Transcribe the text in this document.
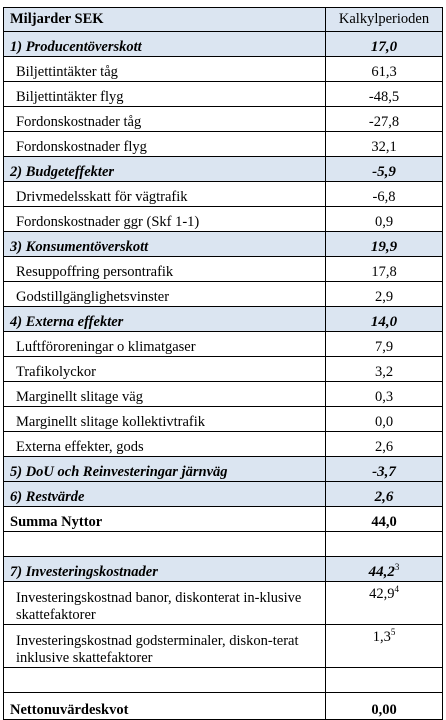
Miljarder SEK	Kalkylperioden
1) Producentöverskott	17,0
Biljettintäkter tåg	61,3
Biljettintäkter flyg	-48,5
Fordonskostnader tåg	-27,8
Fordonskostnader flyg	32,1
2) Budgeteffekter	-5,9
Drivmedelsskatt för vägtrafik	-6,8
Fordonskostnader ggr (Skf 1-1)	0,9
3) Konsumentöverskott	19,9
Resuppoffring persontrafik	17,8
Godstillgänglighetsvinster	2,9
4) Externa effekter	14,0
Luftföroreningar o klimatgaser	7,9
Trafikolyckor	3,2
Marginellt slitage väg	0,3
Marginellt slitage kollektivtrafik	0,0
Externa effekter, gods	2,6
5) DoU och Reinvesteringar järnväg	-3,7
6) Restvärde	2,6
Summa Nyttor	44,0

7) Investeringskostnader	44,2$^3$
Investeringskostnad banor, diskonterat in-klusive skattefaktorer	42,9$^4$
Investeringskostnad godsterminaler, diskon-terat inklusive skattefaktorer	$1,3^5$

Nettonuvärdeskvot	0,00
